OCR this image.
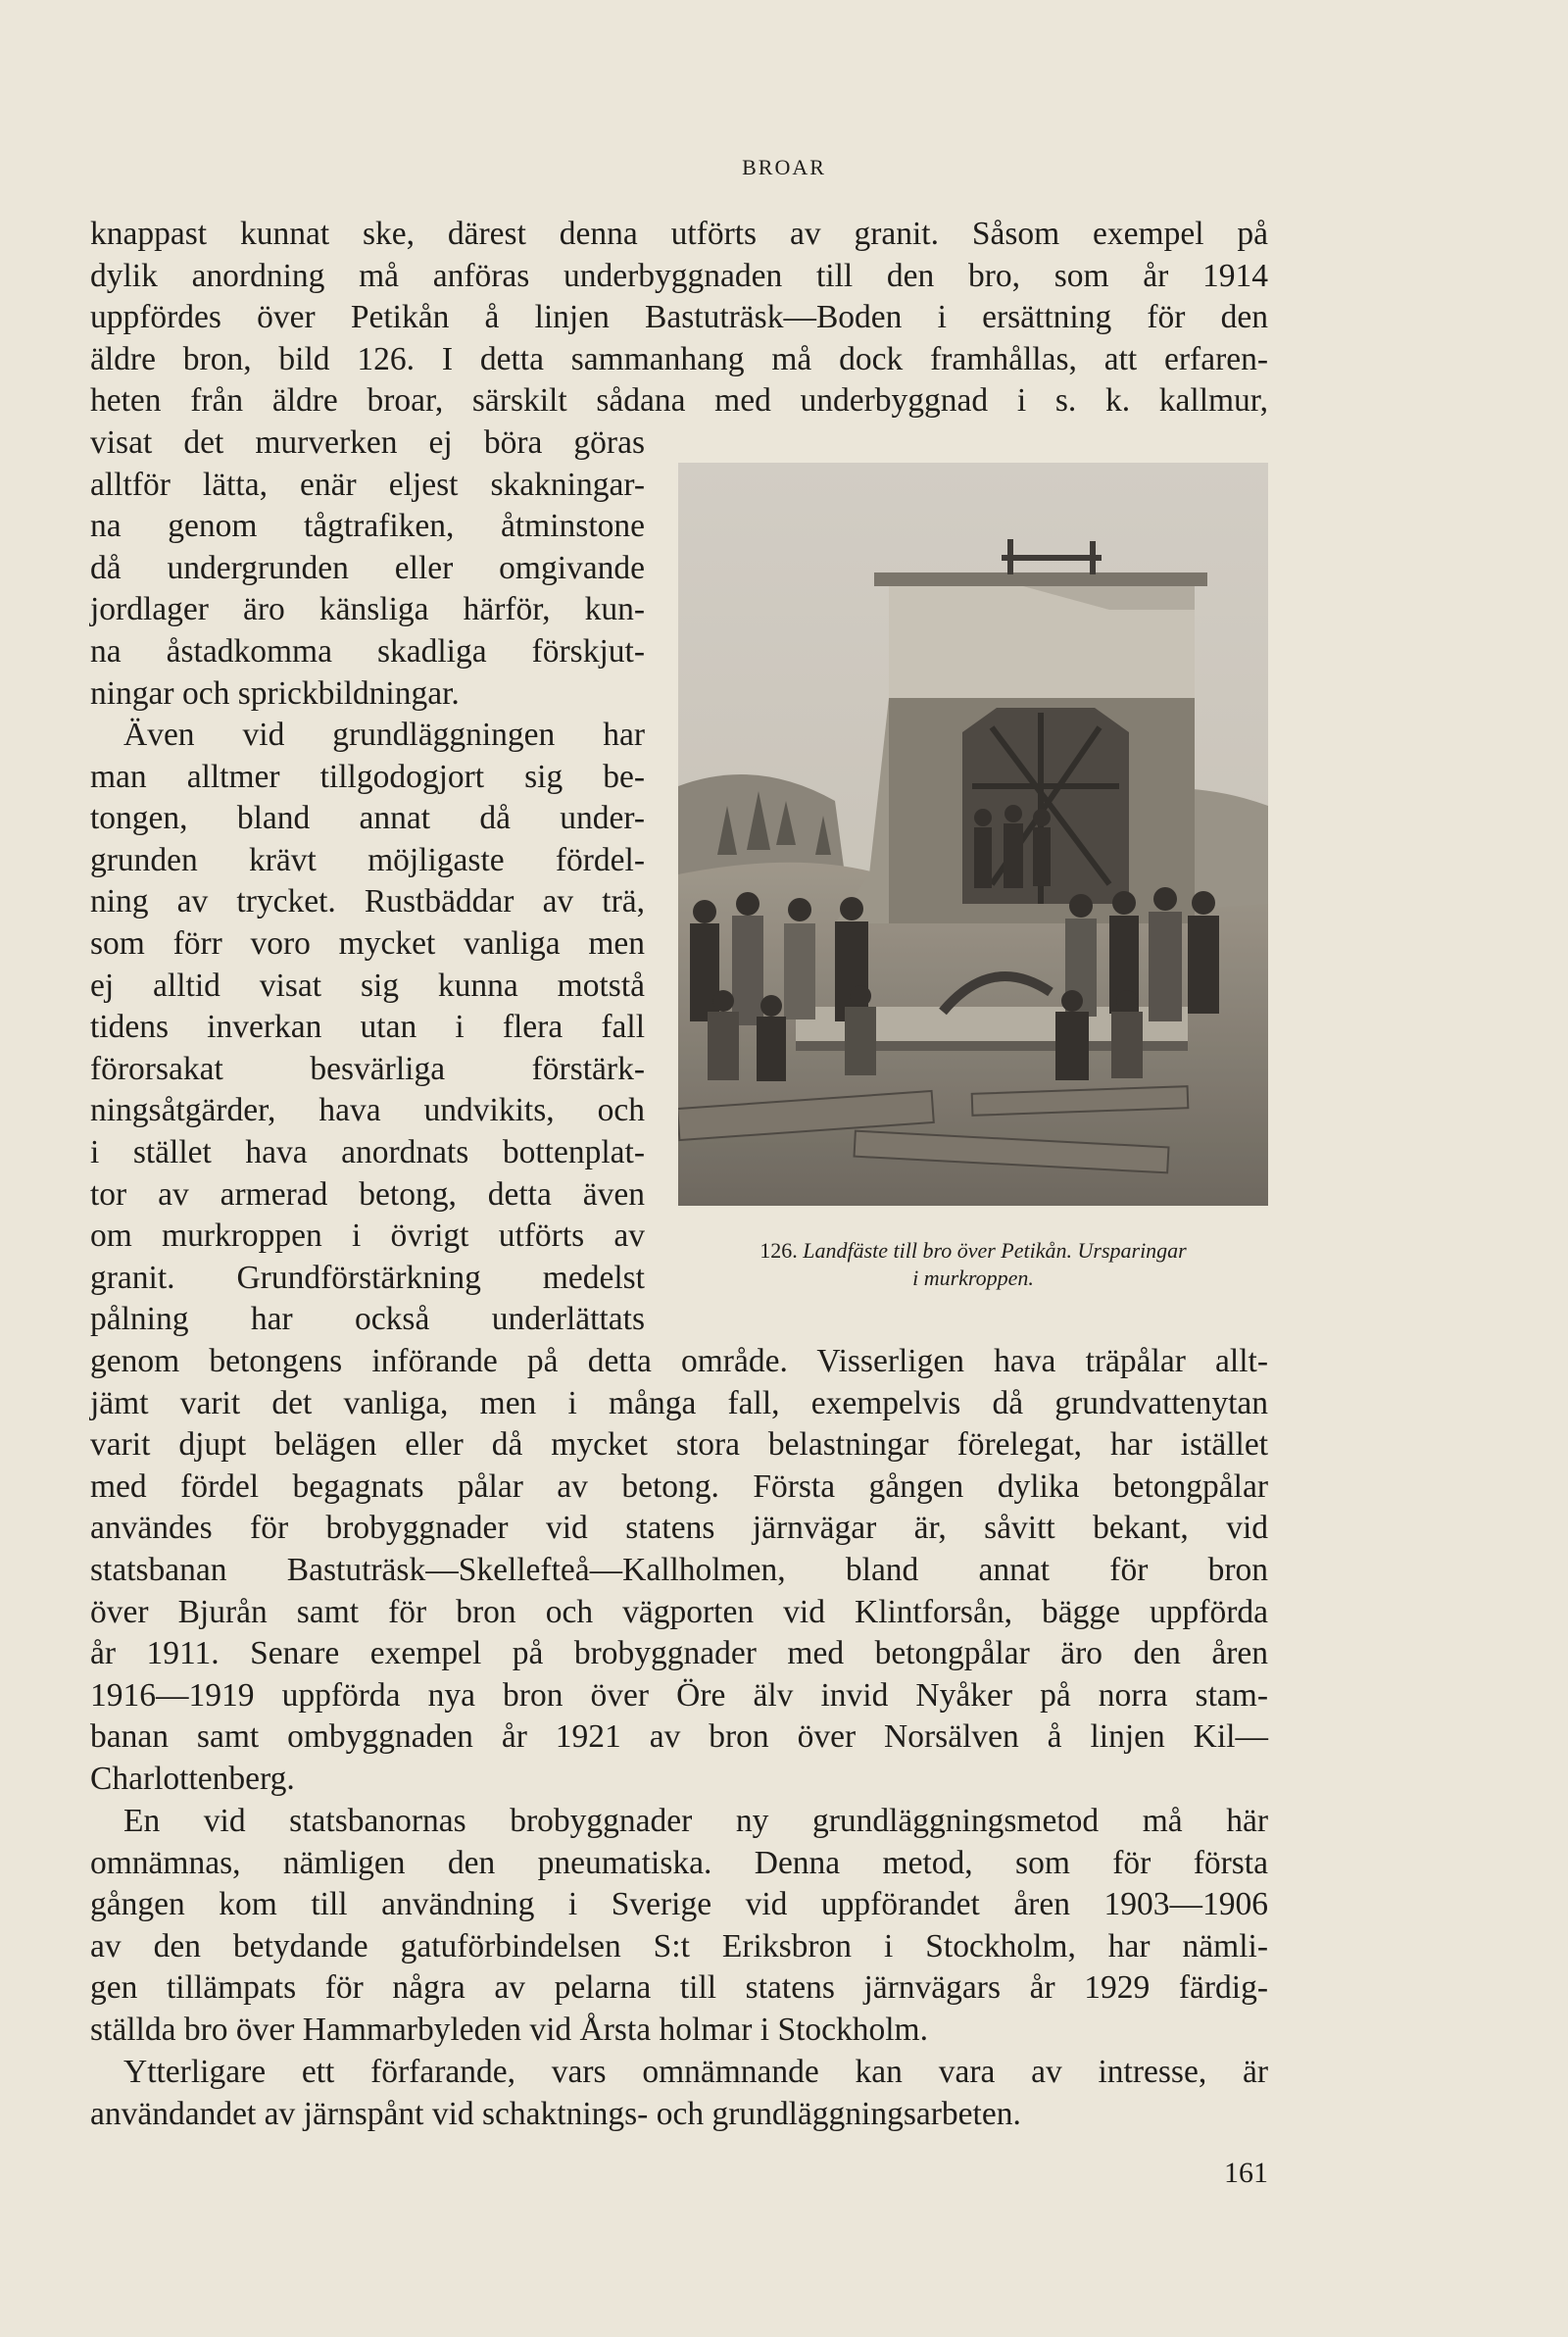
BROAR
knappast kunnat ske, därest denna utförts av granit. Såsom exempel på
dylik anordning må anföras underbyggnaden till den bro, som år 1914
uppfördes över Petikån å linjen Bastuträsk—Boden i ersättning för den
äldre bron, bild 126. I detta sammanhang må dock framhållas, att erfaren-
heten från äldre broar, särskilt sådana med underbyggnad i s. k. kallmur,
visat det murverken ej böra göras
alltför lätta, enär eljest skakningar-
na genom tågtrafiken, åtminstone
då undergrunden eller omgivande
jordlager äro känsliga härför, kun-
na åstadkomma skadliga förskjut-
ningar och sprickbildningar.
Även vid grundläggningen har
man alltmer tillgodogjort sig be-
tongen, bland annat då under-
grunden krävt möjligaste fördel-
ning av trycket. Rustbäddar av trä,
som förr voro mycket vanliga men
ej alltid visat sig kunna motstå
tidens inverkan utan i flera fall
förorsakat besvärliga förstärk-
ningsåtgärder, hava undvikits, och
i stället hava anordnats bottenplat-
tor av armerad betong, detta även
om murkroppen i övrigt utförts av
granit. Grundförstärkning medelst
pålning har också underlättats
126. Landfäste till bro över Petikån. Ursparingar
i murkroppen.
genom betongens införande på detta område. Visserligen hava träpålar allt-
jämt varit det vanliga, men i många fall, exempelvis då grundvattenytan
varit djupt belägen eller då mycket stora belastningar förelegat, har istället
med fördel begagnats pålar av betong. Första gången dylika betongpålar
användes för brobyggnader vid statens järnvägar är, såvitt bekant, vid
statsbanan Bastuträsk—Skellefteå—Kallholmen, bland annat för bron
över Bjurån samt för bron och vägporten vid Klintforsån, bägge uppförda
år 1911. Senare exempel på brobyggnader med betongpålar äro den åren
1916—1919 uppförda nya bron över Öre älv invid Nyåker på norra stam-
banan samt ombyggnaden år 1921 av bron över Norsälven å linjen Kil—
Charlottenberg.
En vid statsbanornas brobyggnader ny grundläggningsmetod må här
omnämnas, nämligen den pneumatiska. Denna metod, som för första
gången kom till användning i Sverige vid uppförandet åren 1903—1906
av den betydande gatuförbindelsen S:t Eriksbron i Stockholm, har nämli-
gen tillämpats för några av pelarna till statens järnvägars år 1929 färdig-
ställda bro över Hammarbyleden vid Årsta holmar i Stockholm.
Ytterligare ett förfarande, vars omnämnande kan vara av intresse, är
användandet av järnspånt vid schaktnings- och grundläggningsarbeten.
161
